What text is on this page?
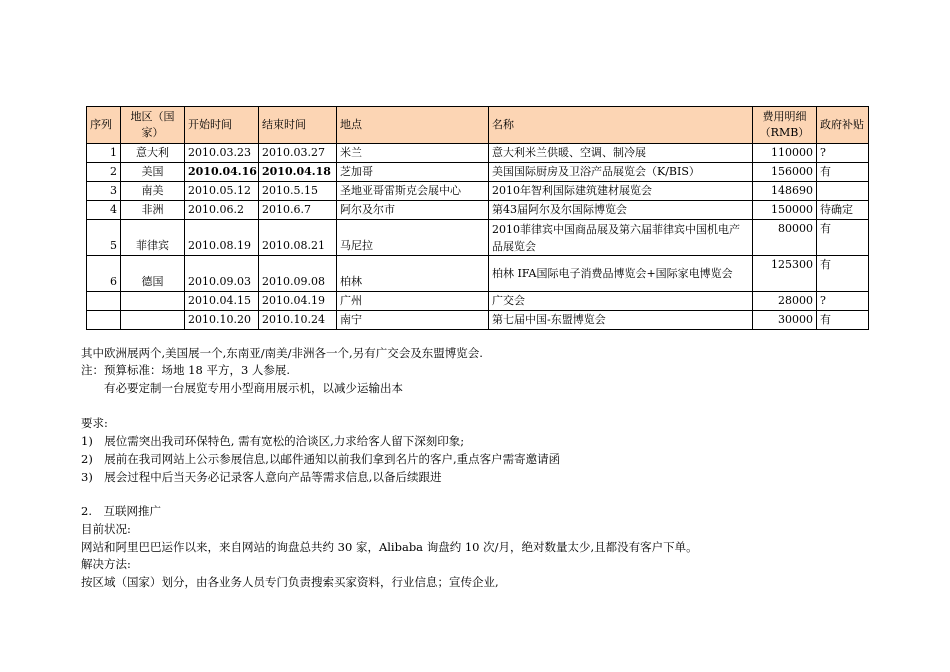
序列	地区（国家）	开始时间	结束时间	地点	名称	费用明细（RMB）	政府补贴
1	意大利	2010.03.23	2010.03.27	米兰	意大利米兰供暖、空调、制冷展	110000	?
2	美国	2010.04.16	2010.04.18	芝加哥	美国国际厨房及卫浴产品展览会（K/BIS）	156000	有
3	南美	2010.05.12	2010.5.15	圣地亚哥雷斯克会展中心	2010年智利国际建筑建材展览会	148690	
4	非洲	2010.06.2	2010.6.7	阿尔及尔市	第43届阿尔及尔国际博览会	150000	待确定
5	菲律宾	2010.08.19	2010.08.21	马尼拉	2010菲律宾中国商品展及第六届菲律宾中国机电产品展览会	80000	有
6	德国	2010.09.03	2010.09.08	柏林	柏林 IFA国际电子消费品博览会+国际家电博览会	125300	有
		2010.04.15	2010.04.19	广州	广交会	28000	?
		2010.10.20	2010.10.24	南宁	第七届中国-东盟博览会	30000	有
其中欧洲展两个,美国展一个,东南亚/南美/非洲各一个,另有广交会及东盟博览会.
注：预算标准：场地 18 平方，3 人参展.
有必要定制一台展览专用小型商用展示机，以减少运输出本
要求:
1)　展位需突出我司环保特色, 需有宽松的洽谈区,力求给客人留下深刻印象;
2)　展前在我司网站上公示参展信息,以邮件通知以前我们拿到名片的客户,重点客户需寄邀请函
3)　展会过程中后当天务必记录客人意向产品等需求信息,以备后续跟进
2.　互联网推广
目前状况:
网站和阿里巴巴运作以来，来自网站的询盘总共约 30 家，Alibaba 询盘约 10 次/月，绝对数量太少,且都没有客户下单。
解决方法:
按区域（国家）划分，由各业务人员专门负责搜索买家资料，行业信息；宣传企业,
